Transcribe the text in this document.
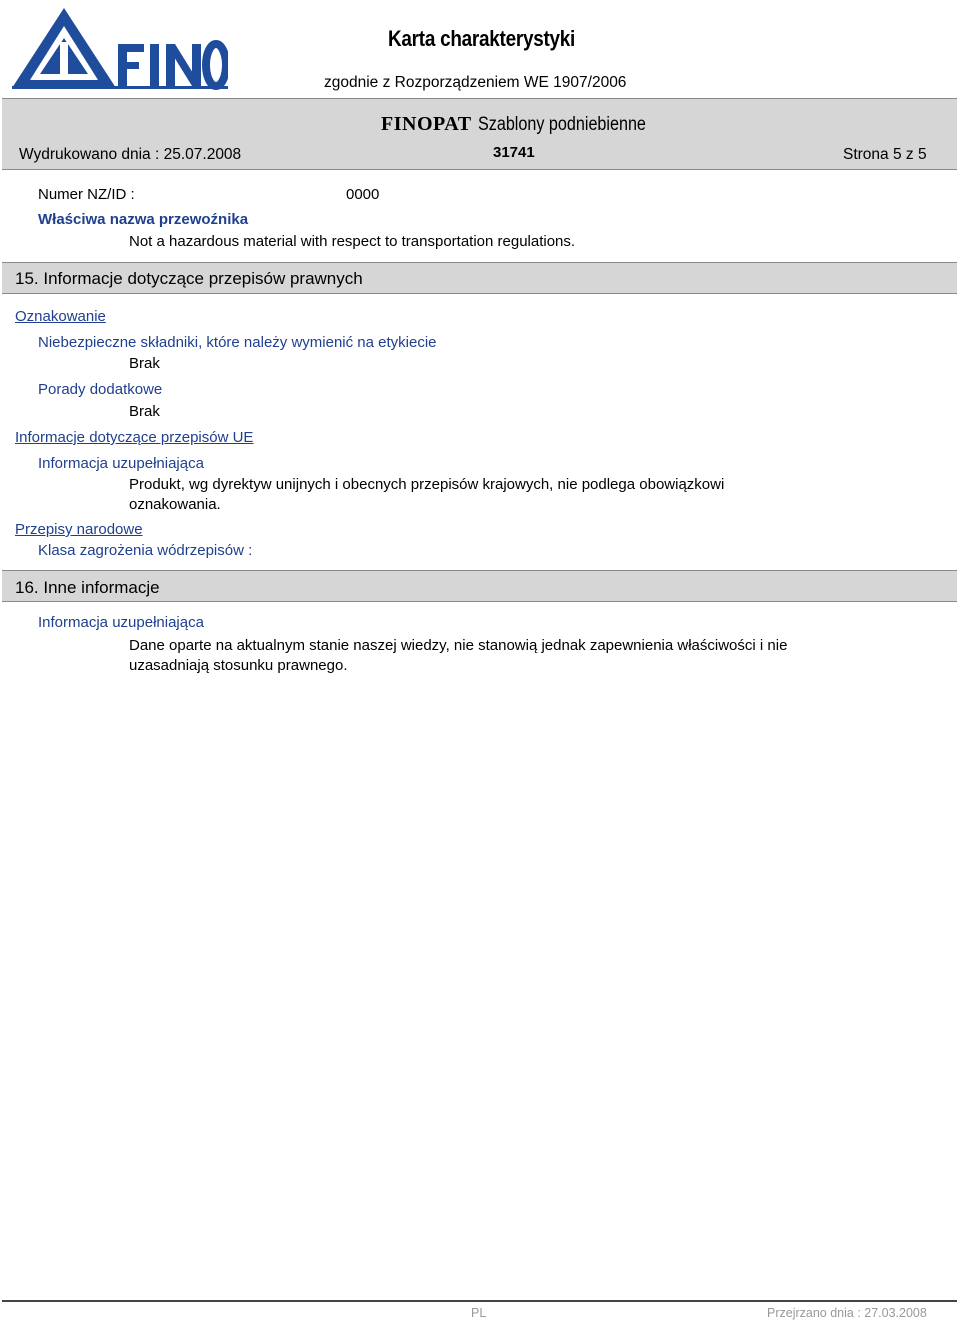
Karta charakterystyki
zgodnie z Rozporządzeniem WE 1907/2006
FINOPAT Szablony podniebienne
Wydrukowano dnia : 25.07.2008	31741	Strona 5 z 5
Numer NZ/ID :	0000
Właściwa nazwa przewoźnika
Not a hazardous material with respect to transportation regulations.
15. Informacje dotyczące przepisów prawnych
Oznakowanie
Niebezpieczne składniki, które należy wymienić na etykiecie
Brak
Porady dodatkowe
Brak
Informacje dotyczące przepisów UE
Informacja uzupełniająca
Produkt, wg dyrektyw unijnych i obecnych przepisów krajowych, nie podlega obowiązkowi oznakowania.
Przepisy narodowe
Klasa zagrożenia wódrzepisów :
16. Inne informacje
Informacja uzupełniająca
Dane oparte na aktualnym stanie naszej wiedzy, nie stanowią jednak zapewnienia właściwości i nie uzasadniają stosunku prawnego.
PL	Przejrzano dnia : 27.03.2008
